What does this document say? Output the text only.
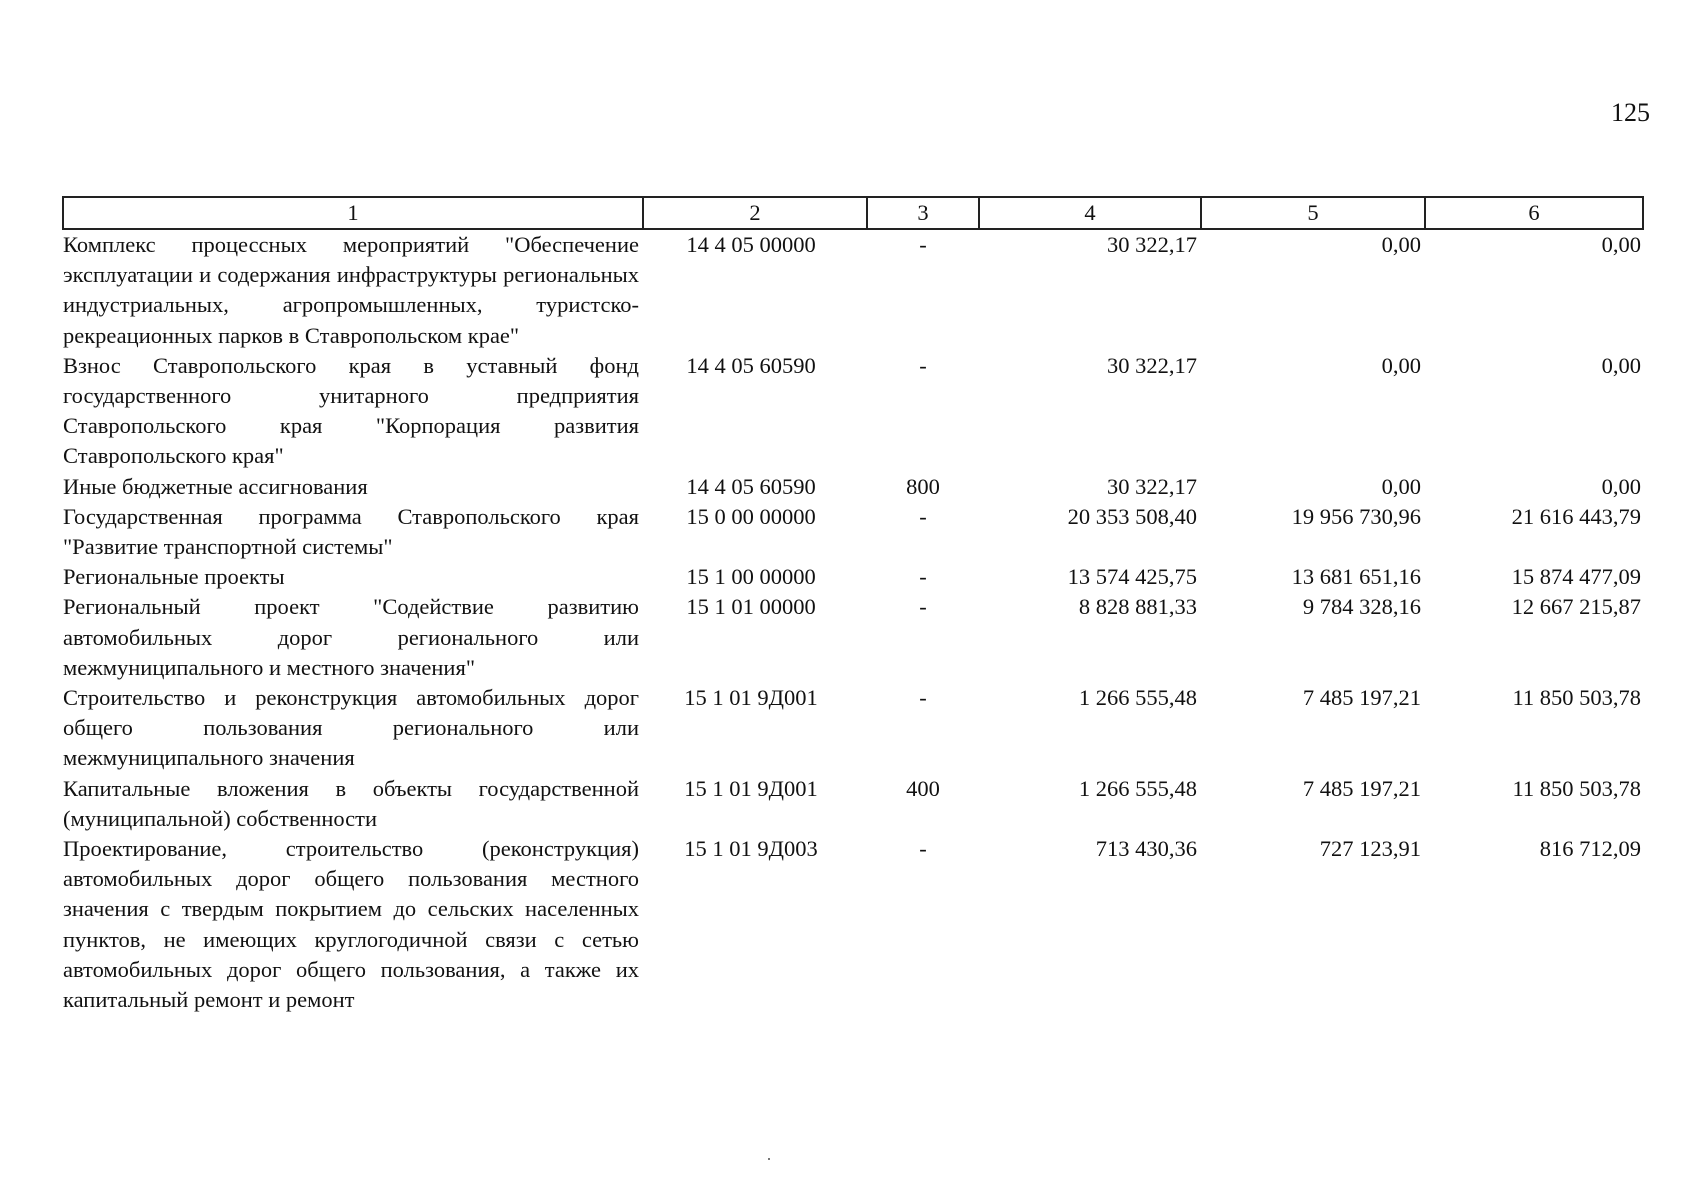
125
1	2	3	4	5	6
Комплекс процессных мероприятий "Обеспечение эксплуатации и содержания инфраструктуры региональных индустриальных, агропромышленных, туристско-рекреационных парков в Ставропольском крае"	14 4 05 00000	-	30 322,17	0,00	0,00
Взнос Ставропольского края в уставный фонд государственного унитарного предприятия Ставропольского края "Корпорация развития Ставропольского края"	14 4 05 60590	-	30 322,17	0,00	0,00
Иные бюджетные ассигнования	14 4 05 60590	800	30 322,17	0,00	0,00
Государственная программа Ставропольского края "Развитие транспортной системы"	15 0 00 00000	-	20 353 508,40	19 956 730,96	21 616 443,79
Региональные проекты	15 1 00 00000	-	13 574 425,75	13 681 651,16	15 874 477,09
Региональный проект "Содействие развитию автомобильных дорог регионального или межмуниципального и местного значения"	15 1 01 00000	-	8 828 881,33	9 784 328,16	12 667 215,87
Строительство и реконструкция автомобильных дорог общего пользования регионального или межмуниципального значения	15 1 01 9Д001	-	1 266 555,48	7 485 197,21	11 850 503,78
Капитальные вложения в объекты государственной (муниципальной) собственности	15 1 01 9Д001	400	1 266 555,48	7 485 197,21	11 850 503,78
Проектирование, строительство (реконструкция) автомобильных дорог общего пользования местного значения с твердым покрытием до сельских населенных пунктов, не имеющих круглогодичной связи с сетью автомобильных дорог общего пользования, а также их капитальный ремонт и ремонт	15 1 01 9Д003	-	713 430,36	727 123,91	816 712,09
